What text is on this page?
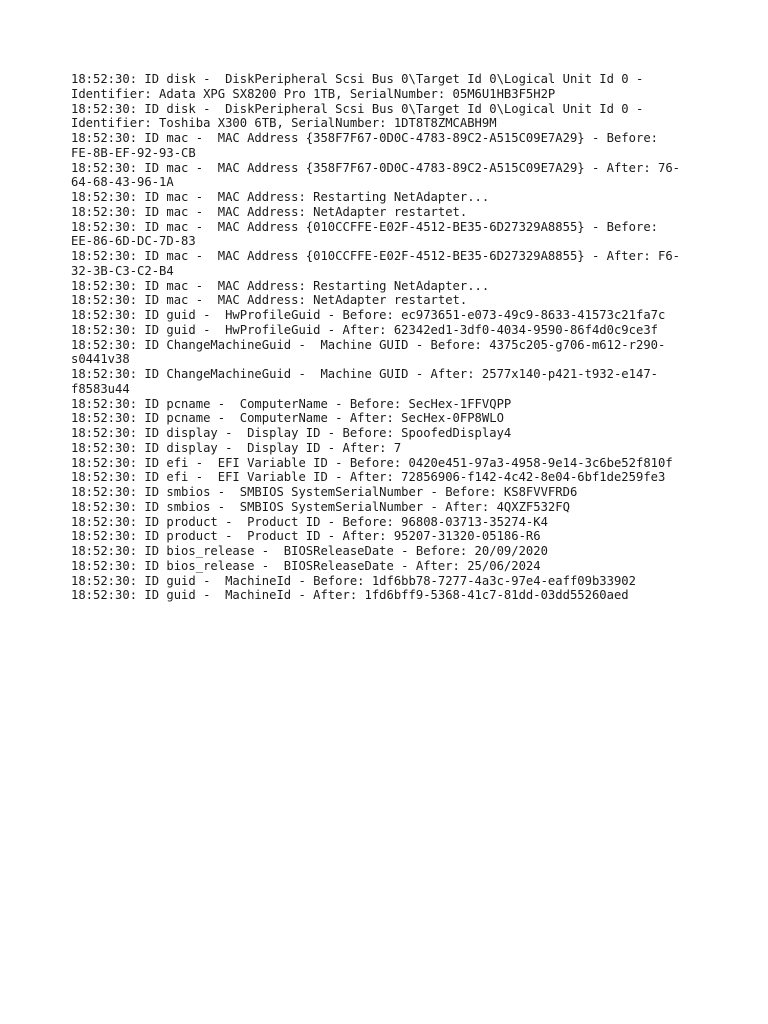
18:52:30: ID disk -  DiskPeripheral Scsi Bus 0\Target Id 0\Logical Unit Id 0 -
Identifier: Adata XPG SX8200 Pro 1TB, SerialNumber: 05M6U1HB3F5H2P
18:52:30: ID disk -  DiskPeripheral Scsi Bus 0\Target Id 0\Logical Unit Id 0 -
Identifier: Toshiba X300 6TB, SerialNumber: 1DT8T8ZMCABH9M
18:52:30: ID mac -  MAC Address {358F7F67-0D0C-4783-89C2-A515C09E7A29} - Before:
FE-8B-EF-92-93-CB
18:52:30: ID mac -  MAC Address {358F7F67-0D0C-4783-89C2-A515C09E7A29} - After: 76-
64-68-43-96-1A
18:52:30: ID mac -  MAC Address: Restarting NetAdapter...
18:52:30: ID mac -  MAC Address: NetAdapter restartet.
18:52:30: ID mac -  MAC Address {010CCFFE-E02F-4512-BE35-6D27329A8855} - Before:
EE-86-6D-DC-7D-83
18:52:30: ID mac -  MAC Address {010CCFFE-E02F-4512-BE35-6D27329A8855} - After: F6-
32-3B-C3-C2-B4
18:52:30: ID mac -  MAC Address: Restarting NetAdapter...
18:52:30: ID mac -  MAC Address: NetAdapter restartet.
18:52:30: ID guid -  HwProfileGuid - Before: ec973651-e073-49c9-8633-41573c21fa7c
18:52:30: ID guid -  HwProfileGuid - After: 62342ed1-3df0-4034-9590-86f4d0c9ce3f
18:52:30: ID ChangeMachineGuid -  Machine GUID - Before: 4375c205-g706-m612-r290-
s0441v38
18:52:30: ID ChangeMachineGuid -  Machine GUID - After: 2577x140-p421-t932-e147-
f8583u44
18:52:30: ID pcname -  ComputerName - Before: SecHex-1FFVQPP
18:52:30: ID pcname -  ComputerName - After: SecHex-0FP8WLO
18:52:30: ID display -  Display ID - Before: SpoofedDisplay4
18:52:30: ID display -  Display ID - After: 7
18:52:30: ID efi -  EFI Variable ID - Before: 0420e451-97a3-4958-9e14-3c6be52f810f
18:52:30: ID efi -  EFI Variable ID - After: 72856906-f142-4c42-8e04-6bf1de259fe3
18:52:30: ID smbios -  SMBIOS SystemSerialNumber - Before: KS8FVVFRD6
18:52:30: ID smbios -  SMBIOS SystemSerialNumber - After: 4QXZF532FQ
18:52:30: ID product -  Product ID - Before: 96808-03713-35274-K4
18:52:30: ID product -  Product ID - After: 95207-31320-05186-R6
18:52:30: ID bios_release -  BIOSReleaseDate - Before: 20/09/2020
18:52:30: ID bios_release -  BIOSReleaseDate - After: 25/06/2024
18:52:30: ID guid -  MachineId - Before: 1df6bb78-7277-4a3c-97e4-eaff09b33902
18:52:30: ID guid -  MachineId - After: 1fd6bff9-5368-41c7-81dd-03dd55260aed
